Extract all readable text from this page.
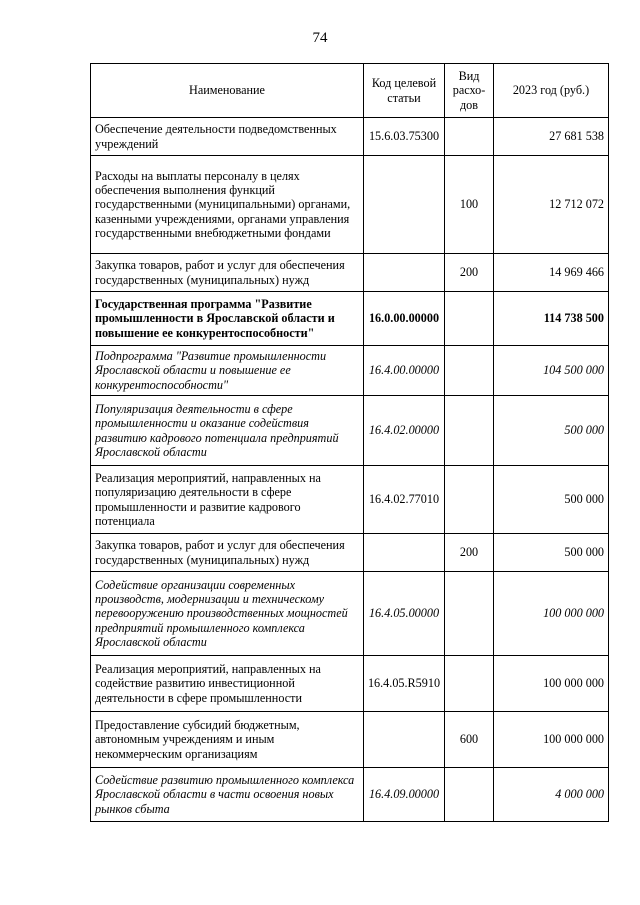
74
Наименование	Код целевой статьи	Вид расхо-дов	2023 год (руб.)
Обеспечение деятельности подведомственных учреждений	15.6.03.75300		27 681 538
Расходы на выплаты персоналу в целях обеспечения выполнения функций государственными (муниципальными) органами, казенными учреждениями, органами управления государственными внебюджетными фондами		100	12 712 072
Закупка товаров, работ и услуг для обеспечения государственных (муниципальных) нужд		200	14 969 466
Государственная программа "Развитие промышленности в Ярославской области и повышение ее конкурентоспособности"	16.0.00.00000		114 738 500
Подпрограмма "Развитие промышленности Ярославской области и повышение ее конкурентоспособности"	16.4.00.00000		104 500 000
Популяризация деятельности в сфере промышленности и оказание содействия развитию кадрового потенциала предприятий Ярославской области	16.4.02.00000		500 000
Реализация мероприятий, направленных на популяризацию деятельности в сфере промышленности и развитие кадрового потенциала	16.4.02.77010		500 000
Закупка товаров, работ и услуг для обеспечения государственных (муниципальных) нужд		200	500 000
Содействие организации современных производств, модернизации и техническому перевооружению производственных мощностей предприятий промышленного комплекса Ярославской области	16.4.05.00000		100 000 000
Реализация мероприятий, направленных на содействие развитию инвестиционной деятельности в сфере промышленности	16.4.05.R5910		100 000 000
Предоставление субсидий бюджетным, автономным учреждениям и иным некоммерческим организациям		600	100 000 000
Содействие развитию промышленного комплекса Ярославской области в части освоения новых рынков сбыта	16.4.09.00000		4 000 000
